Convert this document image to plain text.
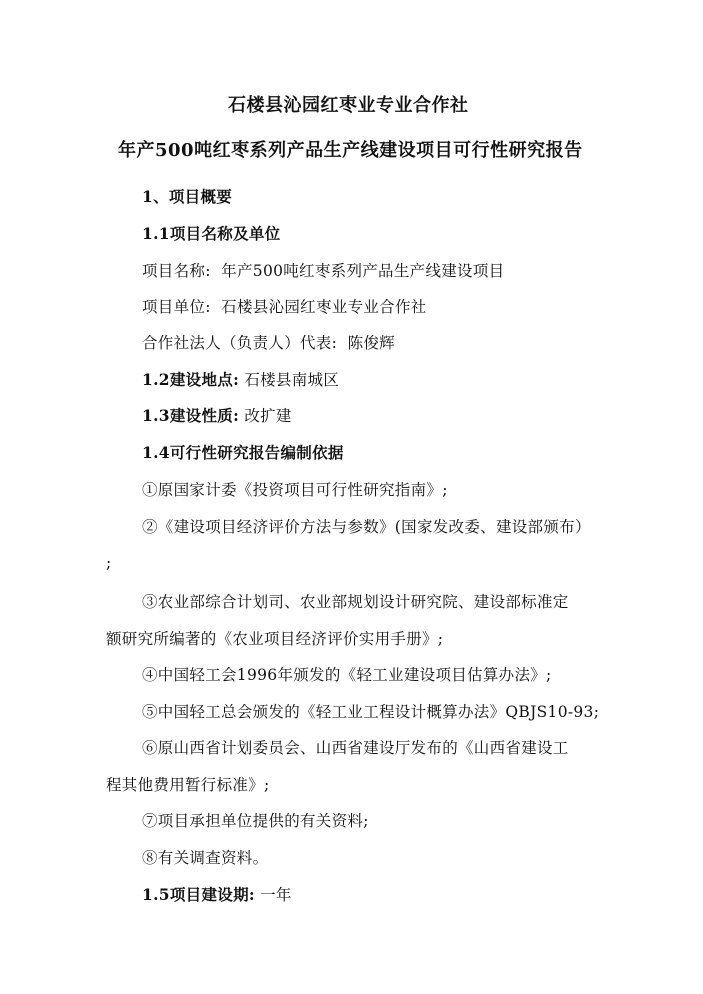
石楼县沁园红枣业专业合作社
年产500吨红枣系列产品生产线建设项目可行性研究报告
1、项目概要
1.1项目名称及单位
项目名称:  年产500吨红枣系列产品生产线建设项目
项目单位:  石楼县沁园红枣业专业合作社
合作社法人（负责人）代表:  陈俊辉
1.2建设地点: 石楼县南城区
1.3建设性质: 改扩建
1.4可行性研究报告编制依据
①原国家计委《投资项目可行性研究指南》;
②《建设项目经济评价方法与参数》(国家发改委、建设部颁布）
;
③农业部综合计划司、农业部规划设计研究院、建设部标准定
额研究所编著的《农业项目经济评价实用手册》;
④中国轻工会1996年颁发的《轻工业建设项目估算办法》;
⑤中国轻工总会颁发的《轻工业工程设计概算办法》QBJS10-93;
⑥原山西省计划委员会、山西省建设厅发布的《山西省建设工
程其他费用暂行标准》;
⑦项目承担单位提供的有关资料;
⑧有关调查资料。
1.5项目建设期: 一年
